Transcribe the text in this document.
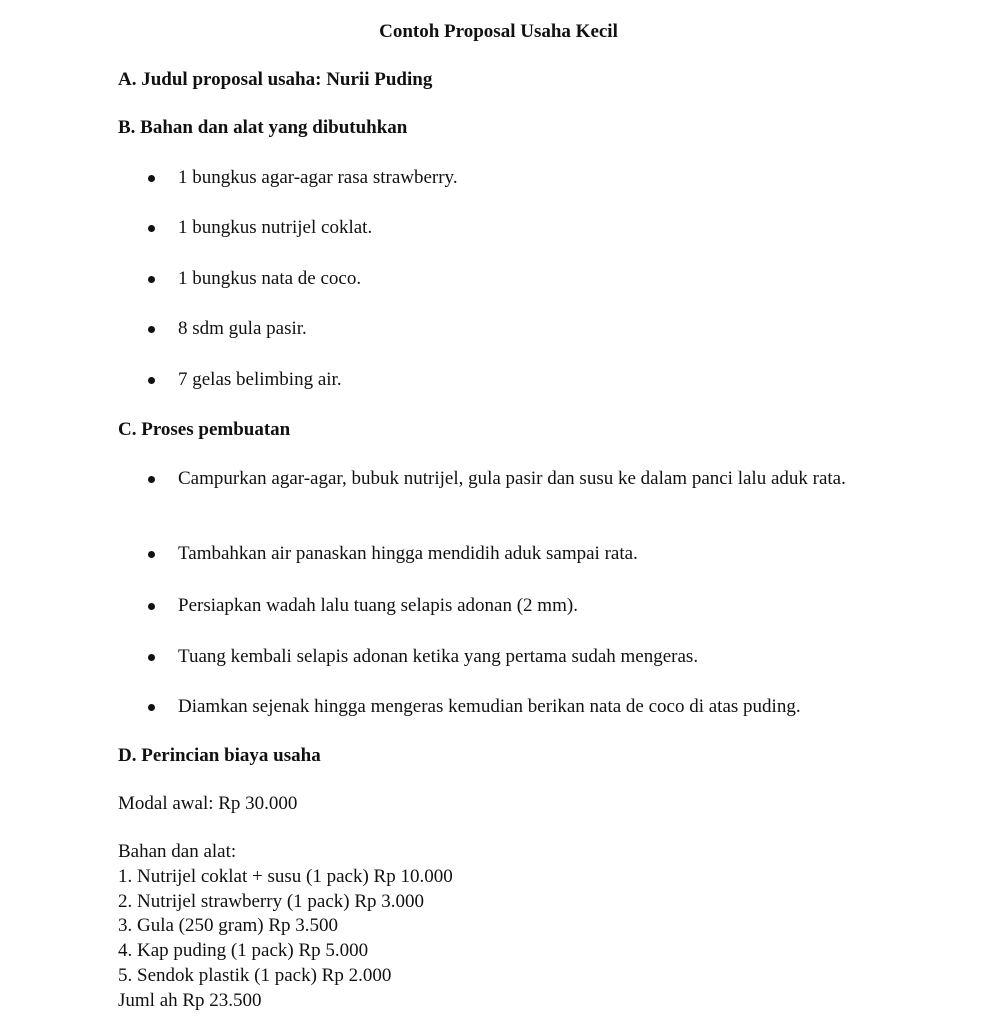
Contoh Proposal Usaha Kecil
A. Judul proposal usaha: Nurii Puding
B. Bahan dan alat yang dibutuhkan
1 bungkus agar-agar rasa strawberry.
1 bungkus nutrijel coklat.
1 bungkus nata de coco.
8 sdm gula pasir.
7 gelas belimbing air.
C. Proses pembuatan
Campurkan agar-agar, bubuk nutrijel, gula pasir dan susu ke dalam panci lalu aduk rata.
Tambahkan air panaskan hingga mendidih aduk sampai rata.
Persiapkan wadah lalu tuang selapis adonan (2 mm).
Tuang kembali selapis adonan ketika yang pertama sudah mengeras.
Diamkan sejenak hingga mengeras kemudian berikan nata de coco di atas puding.
D. Perincian biaya usaha

Modal awal: Rp 30.000

Bahan dan alat:
1. Nutrijel coklat + susu (1 pack) Rp 10.000
2. Nutrijel strawberry (1 pack) Rp 3.000
3. Gula (250 gram) Rp 3.500
4. Kap puding (1 pack) Rp 5.000
5. Sendok plastik (1 pack) Rp 2.000
Juml ah Rp 23.500
